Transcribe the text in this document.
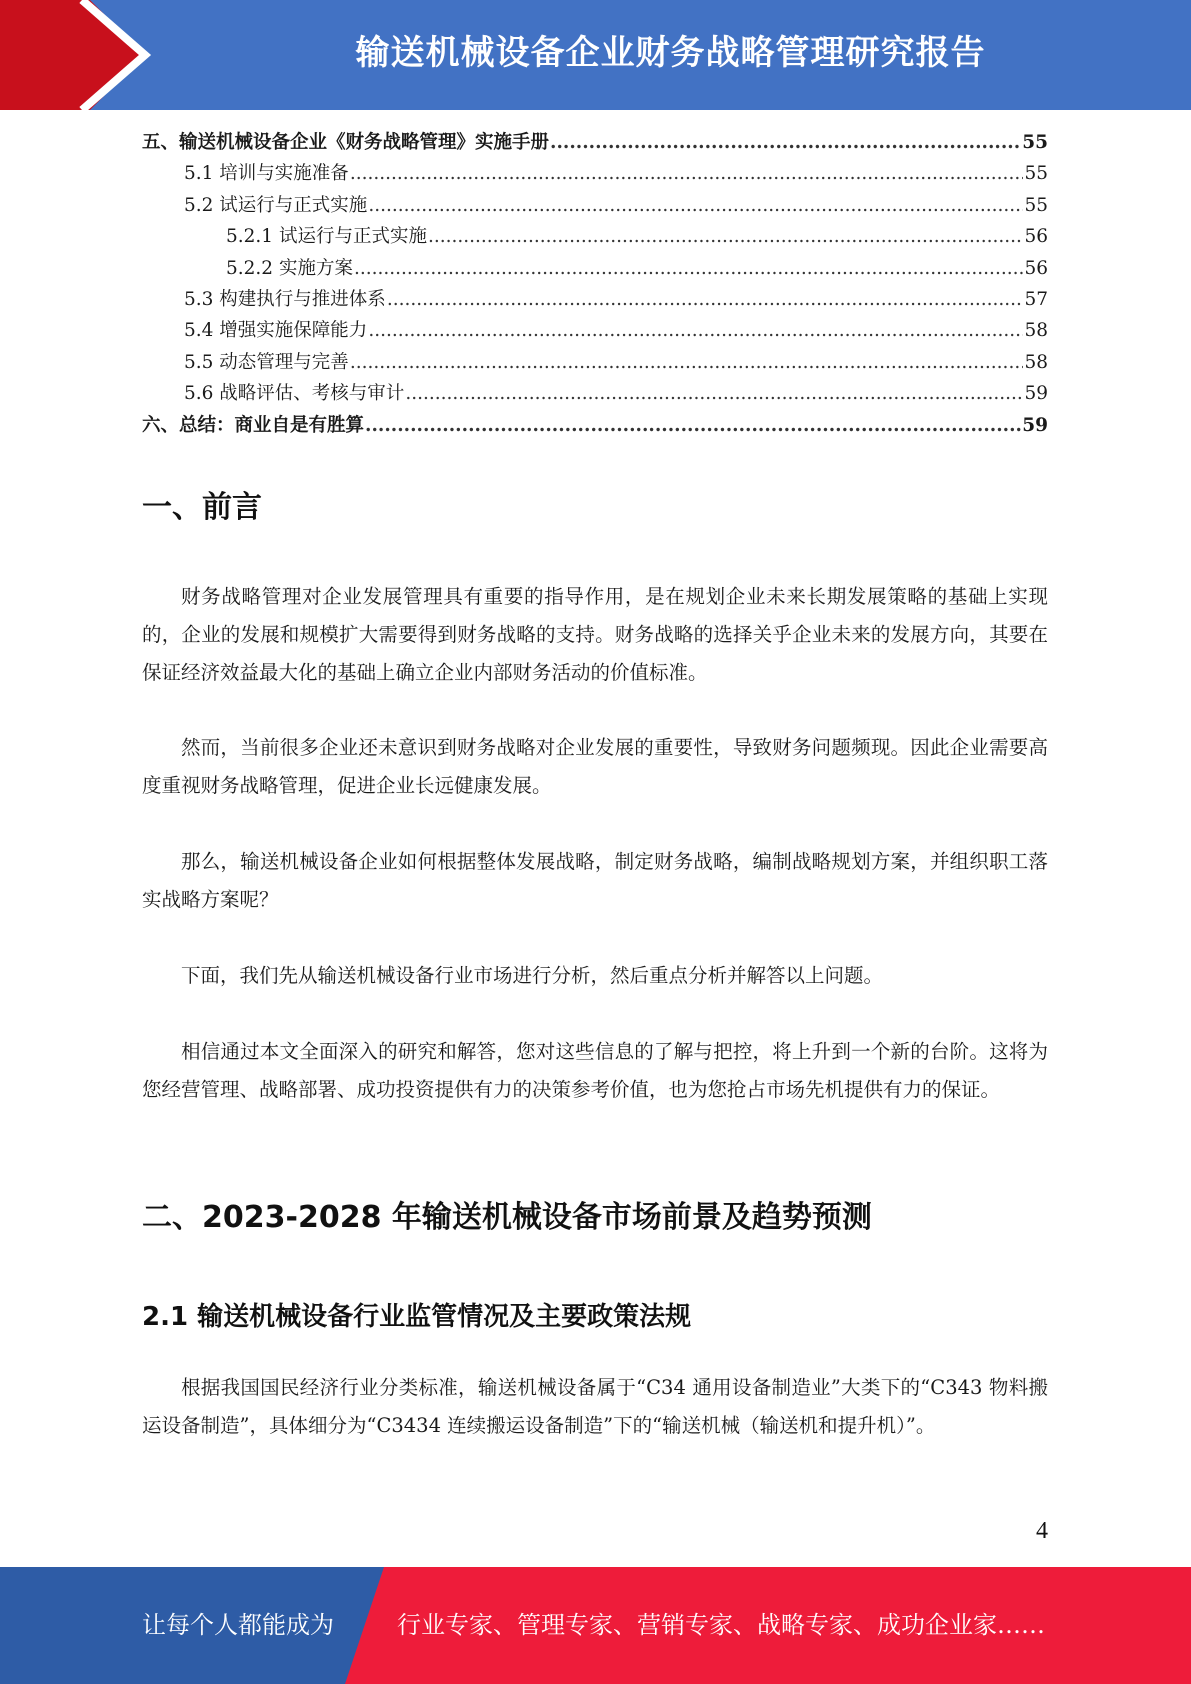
输送机械设备企业财务战略管理研究报告
五、输送机械设备企业《财务战略管理》实施手册 .....	55
5.1 培训与实施准备 .....	55
5.2 试运行与正式实施 .....	55
5.2.1 试运行与正式实施 .....	56
5.2.2 实施方案 .....	56
5.3 构建执行与推进体系 .....	57
5.4 增强实施保障能力 .....	58
5.5 动态管理与完善 .....	58
5.6 战略评估、考核与审计 .....	59
六、总结：商业自是有胜算 .....	59
一、前言

财务战略管理对企业发展管理具有重要的指导作用，是在规划企业未来长期发展策略的基础上实现的，企业的发展和规模扩大需要得到财务战略的支持。财务战略的选择关乎企业未来的发展方向，其要在保证经济效益最大化的基础上确立企业内部财务活动的价值标准。

然而，当前很多企业还未意识到财务战略对企业发展的重要性，导致财务问题频现。因此企业需要高度重视财务战略管理，促进企业长远健康发展。

那么，输送机械设备企业如何根据整体发展战略，制定财务战略，编制战略规划方案，并组织职工落实战略方案呢？

下面，我们先从输送机械设备行业市场进行分析，然后重点分析并解答以上问题。

相信通过本文全面深入的研究和解答，您对这些信息的了解与把控，将上升到一个新的台阶。这将为您经营管理、战略部署、成功投资提供有力的决策参考价值，也为您抢占市场先机提供有力的保证。

二、2023-2028 年输送机械设备市场前景及趋势预测
2.1 输送机械设备行业监管情况及主要政策法规

根据我国国民经济行业分类标准，输送机械设备属于“C34 通用设备制造业”大类下的“C343 物料搬运设备制造”，具体细分为“C3434 连续搬运设备制造”下的“输送机械（输送机和提升机）”。

4
让每个人都能成为	行业专家、管理专家、营销专家、战略专家、成功企业家……
